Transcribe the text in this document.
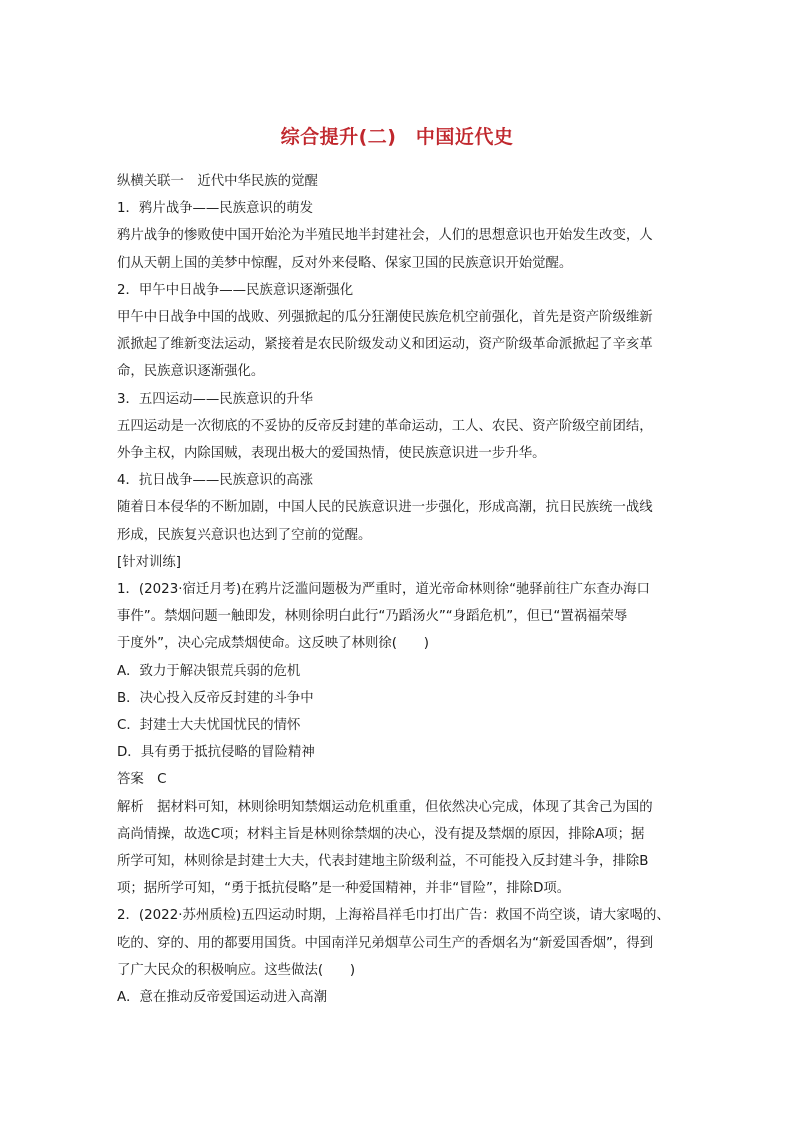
综合提升(二)　中国近代史

纵横关联一　近代中华民族的觉醒

1．鸦片战争——民族意识的萌发

鸦片战争的惨败使中国开始沦为半殖民地半封建社会，人们的思想意识也开始发生改变，人

们从天朝上国的美梦中惊醒，反对外来侵略、保家卫国的民族意识开始觉醒。

2．甲午中日战争——民族意识逐渐强化

甲午中日战争中国的战败、列强掀起的瓜分狂潮使民族危机空前强化，首先是资产阶级维新

派掀起了维新变法运动，紧接着是农民阶级发动义和团运动，资产阶级革命派掀起了辛亥革

命，民族意识逐渐强化。

3．五四运动——民族意识的升华

五四运动是一次彻底的不妥协的反帝反封建的革命运动，工人、农民、资产阶级空前团结，

外争主权，内除国贼，表现出极大的爱国热情，使民族意识进一步升华。

4．抗日战争——民族意识的高涨

随着日本侵华的不断加剧，中国人民的民族意识进一步强化，形成高潮，抗日民族统一战线

形成，民族复兴意识也达到了空前的觉醒。

[针对训练]

1．(2023·宿迁月考)在鸦片泛滥问题极为严重时，道光帝命林则徐“驰驿前往广东查办海口

事件”。禁烟问题一触即发，林则徐明白此行“乃蹈汤火”“身蹈危机”，但已“置祸福荣辱

于度外”，决心完成禁烟使命。这反映了林则徐(　　)

A．致力于解决银荒兵弱的危机

B．决心投入反帝反封建的斗争中

C．封建士大夫忧国忧民的情怀

D．具有勇于抵抗侵略的冒险精神

答案　C

解析　据材料可知，林则徐明知禁烟运动危机重重，但依然决心完成，体现了其舍己为国的

高尚情操，故选C项；材料主旨是林则徐禁烟的决心，没有提及禁烟的原因，排除A项；据

所学可知，林则徐是封建士大夫，代表封建地主阶级利益，不可能投入反封建斗争，排除B

项；据所学可知，“勇于抵抗侵略”是一种爱国精神，并非“冒险”，排除D项。

2．(2022·苏州质检)五四运动时期，上海裕昌祥毛巾打出广告：救国不尚空谈，请大家喝的、

吃的、穿的、用的都要用国货。中国南洋兄弟烟草公司生产的香烟名为“新爱国香烟”，得到

了广大民众的积极响应。这些做法(　　)

A．意在推动反帝爱国运动进入高潮
